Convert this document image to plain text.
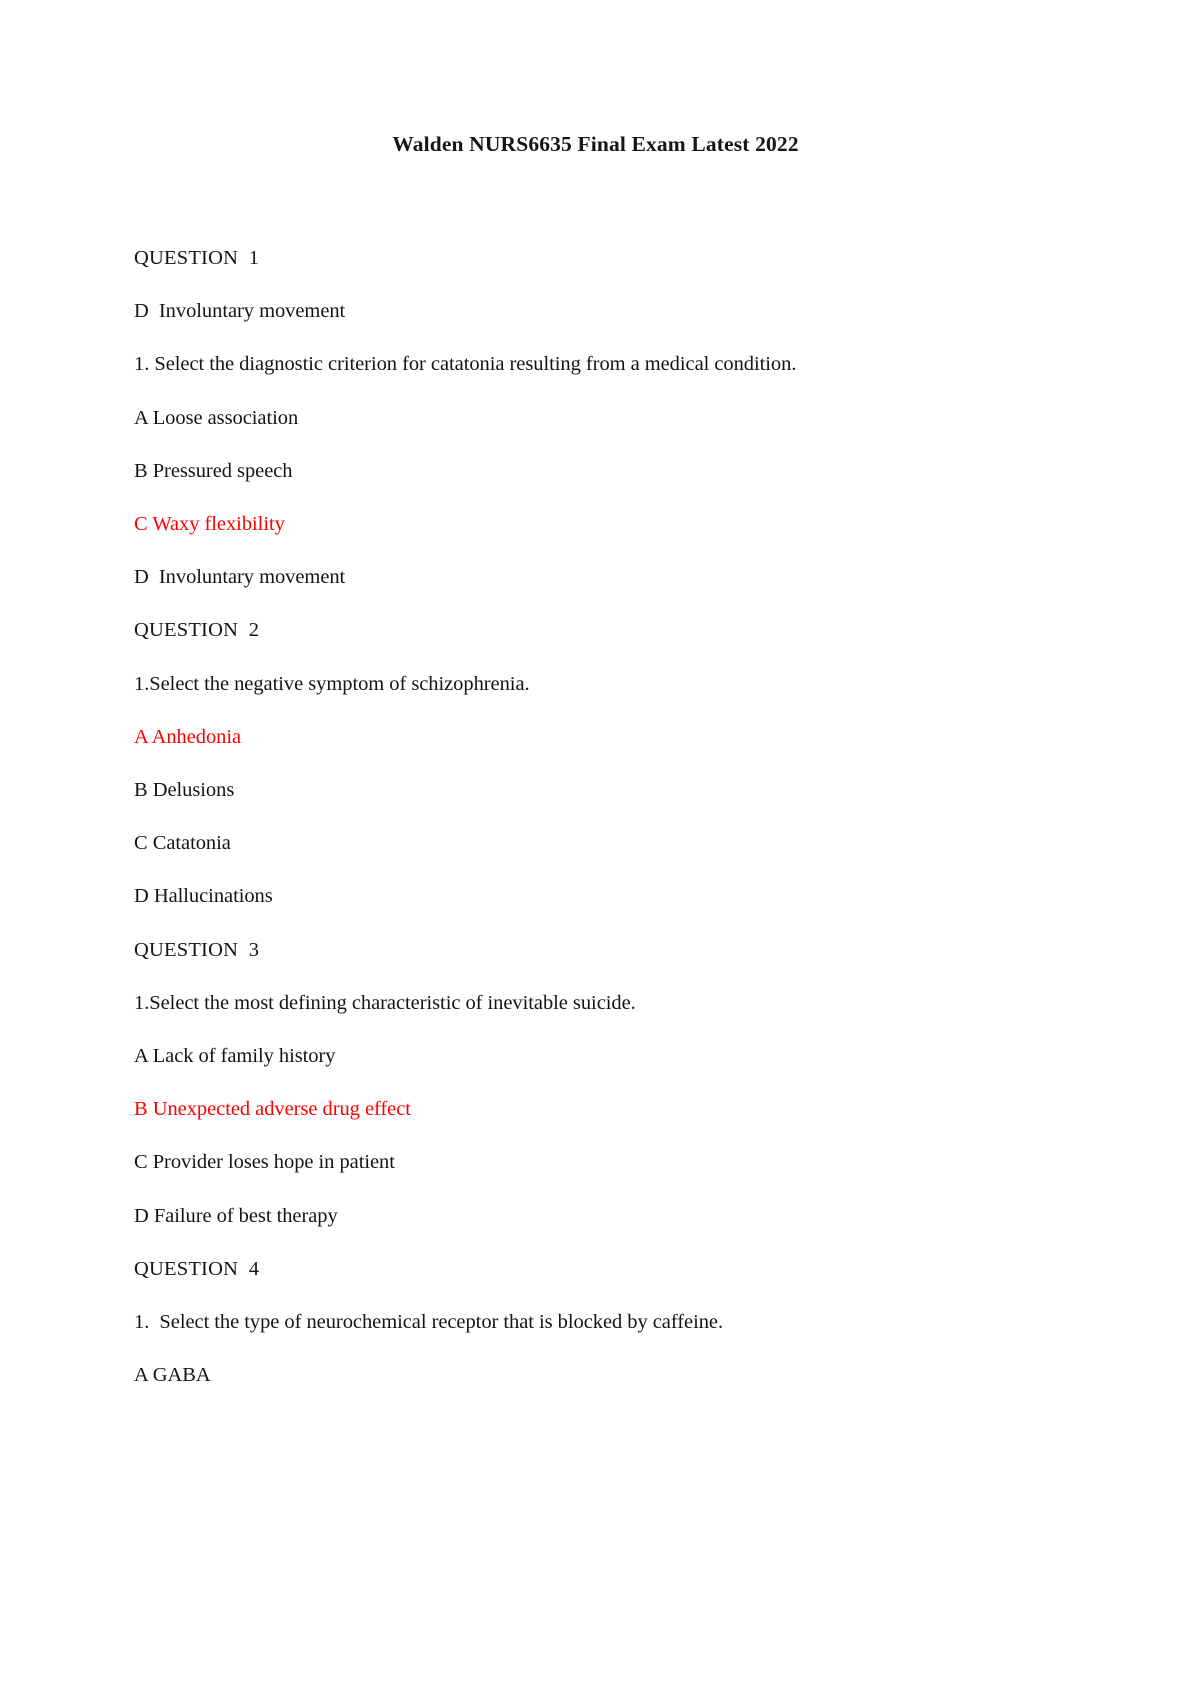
Walden NURS6635 Final Exam Latest 2022
QUESTION  1
D  Involuntary movement
1. Select the diagnostic criterion for catatonia resulting from a medical condition.
A Loose association
B Pressured speech
C Waxy flexibility
D  Involuntary movement
QUESTION  2
1.Select the negative symptom of schizophrenia.
A Anhedonia
B Delusions
C Catatonia
D Hallucinations
QUESTION  3
1.Select the most defining characteristic of inevitable suicide.
A Lack of family history
B Unexpected adverse drug effect
C Provider loses hope in patient
D Failure of best therapy
QUESTION  4
1.  Select the type of neurochemical receptor that is blocked by caffeine.
A GABA
